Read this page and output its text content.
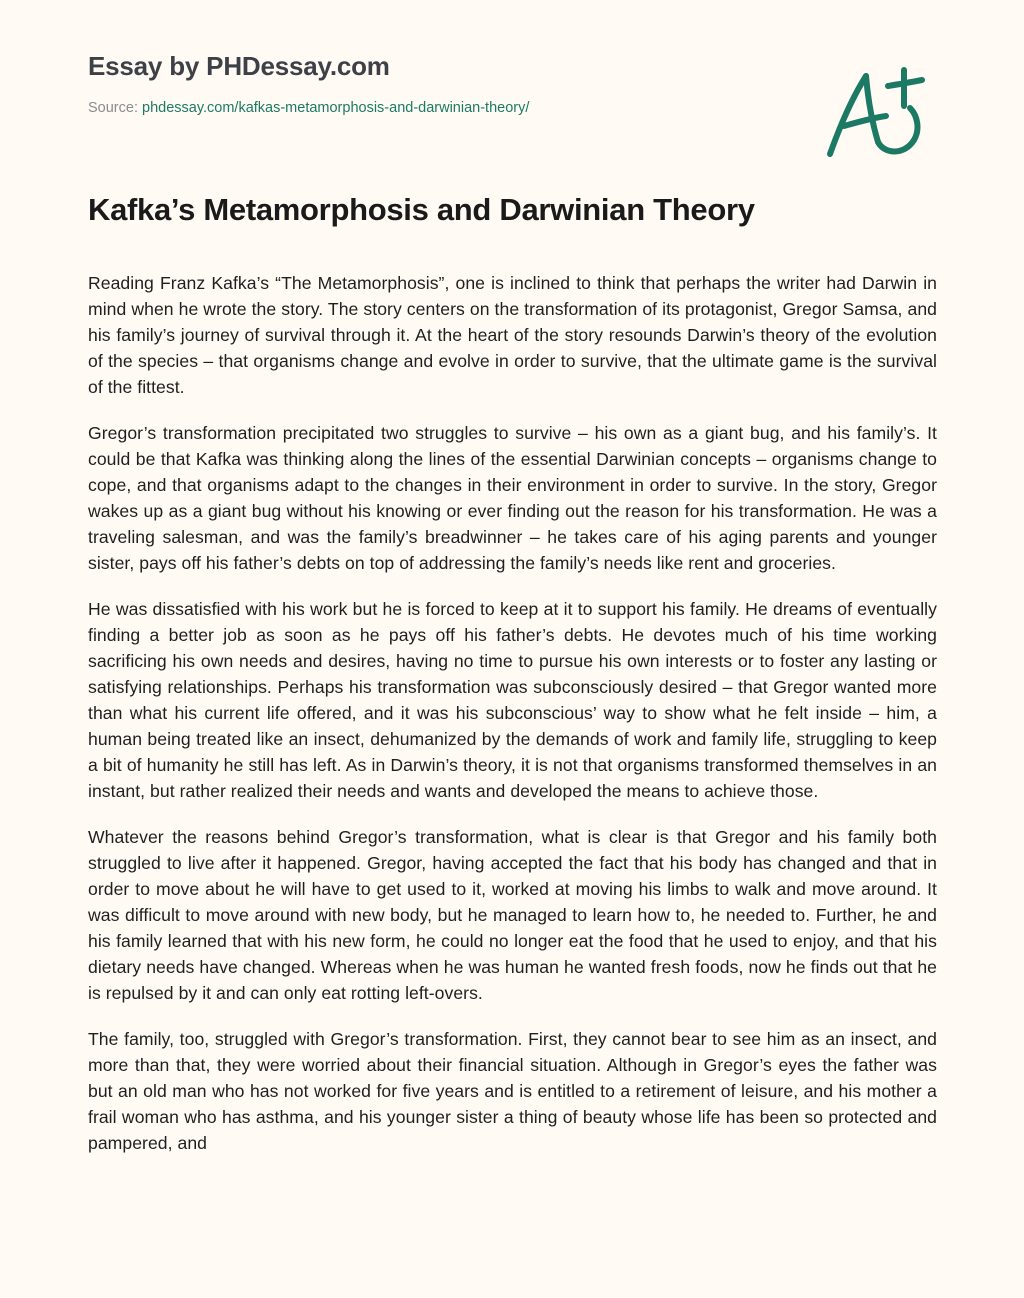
Essay by PHDessay.com
Source: phdessay.com/kafkas-metamorphosis-and-darwinian-theory/
Kafka’s Metamorphosis and Darwinian Theory

Reading Franz Kafka’s “The Metamorphosis”, one is inclined to think that perhaps the writer had Darwin in mind when he wrote the story. The story centers on the transformation of its protagonist, Gregor Samsa, and his family’s journey of survival through it. At the heart of the story resounds Darwin’s theory of the evolution of the species – that organisms change and evolve in order to survive, that the ultimate game is the survival of the fittest.

Gregor’s transformation precipitated two struggles to survive – his own as a giant bug, and his family’s. It could be that Kafka was thinking along the lines of the essential Darwinian concepts – organisms change to cope, and that organisms adapt to the changes in their environment in order to survive. In the story, Gregor wakes up as a giant bug without his knowing or ever finding out the reason for his transformation. He was a traveling salesman, and was the family’s breadwinner – he takes care of his aging parents and younger sister, pays off his father’s debts on top of addressing the family’s needs like rent and groceries.

He was dissatisfied with his work but he is forced to keep at it to support his family. He dreams of eventually finding a better job as soon as he pays off his father’s debts. He devotes much of his time working sacrificing his own needs and desires, having no time to pursue his own interests or to foster any lasting or satisfying relationships. Perhaps his transformation was subconsciously desired – that Gregor wanted more than what his current life offered, and it was his subconscious’ way to show what he felt inside – him, a human being treated like an insect, dehumanized by the demands of work and family life, struggling to keep a bit of humanity he still has left. As in Darwin’s theory, it is not that organisms transformed themselves in an instant, but rather realized their needs and wants and developed the means to achieve those.

Whatever the reasons behind Gregor’s transformation, what is clear is that Gregor and his family both struggled to live after it happened. Gregor, having accepted the fact that his body has changed and that in order to move about he will have to get used to it, worked at moving his limbs to walk and move around. It was difficult to move around with new body, but he managed to learn how to, he needed to. Further, he and his family learned that with his new form, he could no longer eat the food that he used to enjoy, and that his dietary needs have changed. Whereas when he was human he wanted fresh foods, now he finds out that he is repulsed by it and can only eat rotting left-overs.

The family, too, struggled with Gregor’s transformation. First, they cannot bear to see him as an insect, and more than that, they were worried about their financial situation. Although in Gregor’s eyes the father was but an old man who has not worked for five years and is entitled to a retirement of leisure, and his mother a frail woman who has asthma, and his younger sister a thing of beauty whose life has been so protected and pampered, and
